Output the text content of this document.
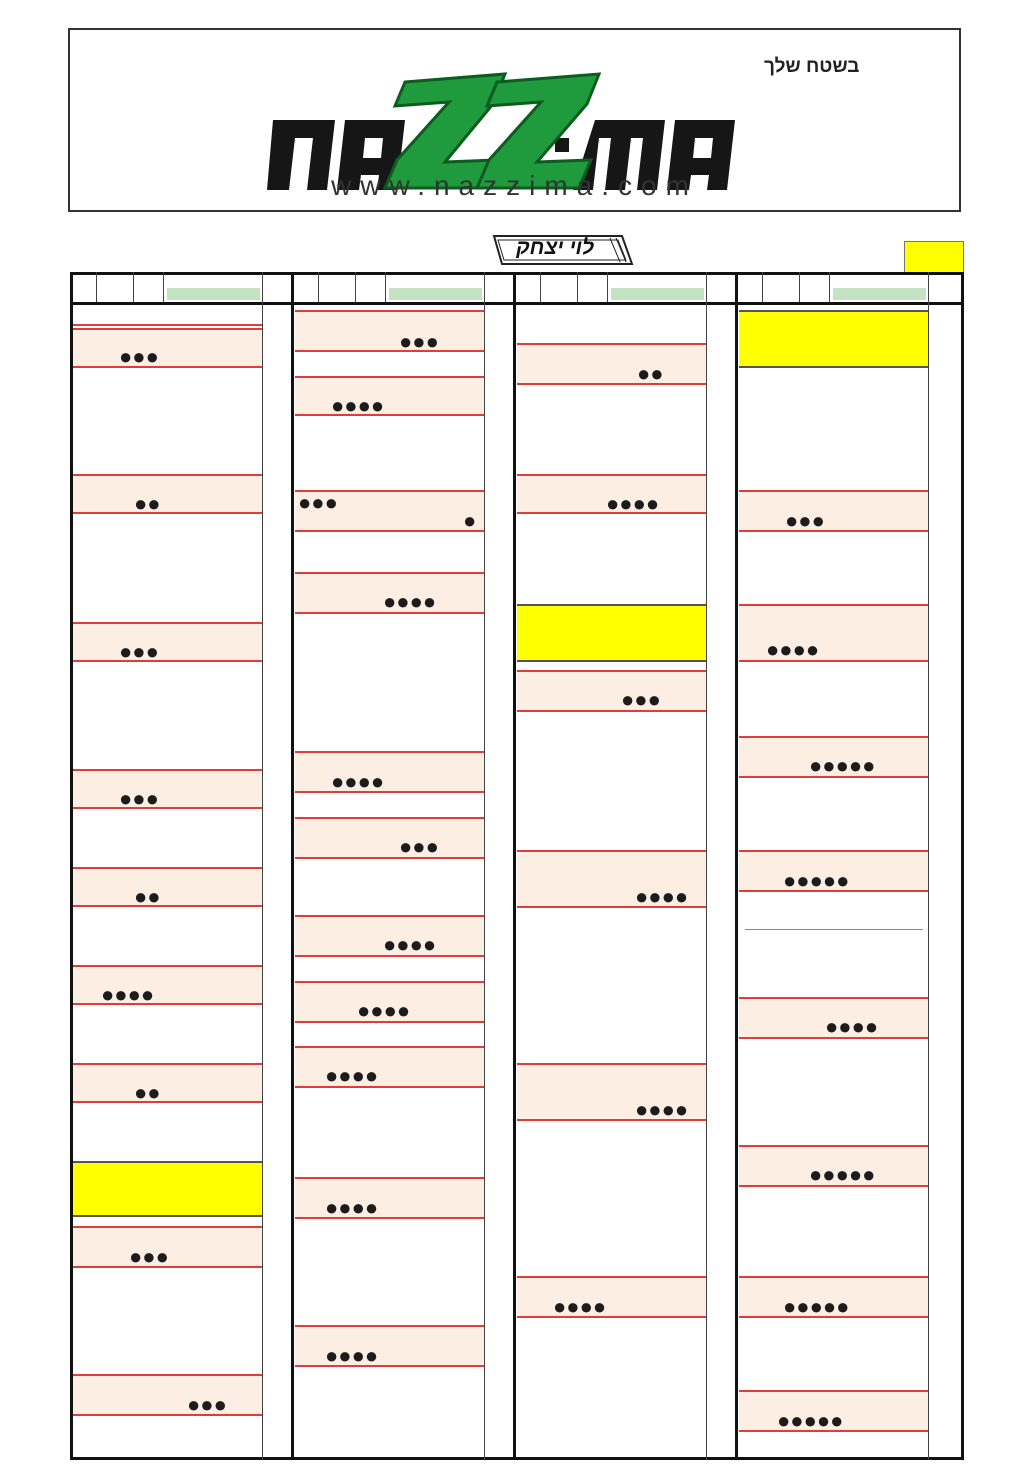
בשטח שלך
www.nazzima.com
לוי יצחק
●●●
●●
●●●
●●●
●●
●●●●
●●
●●●
●●●
●●●
●●●●
●●●
●
●●●●
●●●●
●●●
●●●●
●●●●
●●●●
●●●●
●●●●
●●
●●●●
●●●
●●●●
●●●●
●●●●
●●●
●●●●
●●●●●
●●●●●
●●●●
●●●●●
●●●●●
●●●●●
